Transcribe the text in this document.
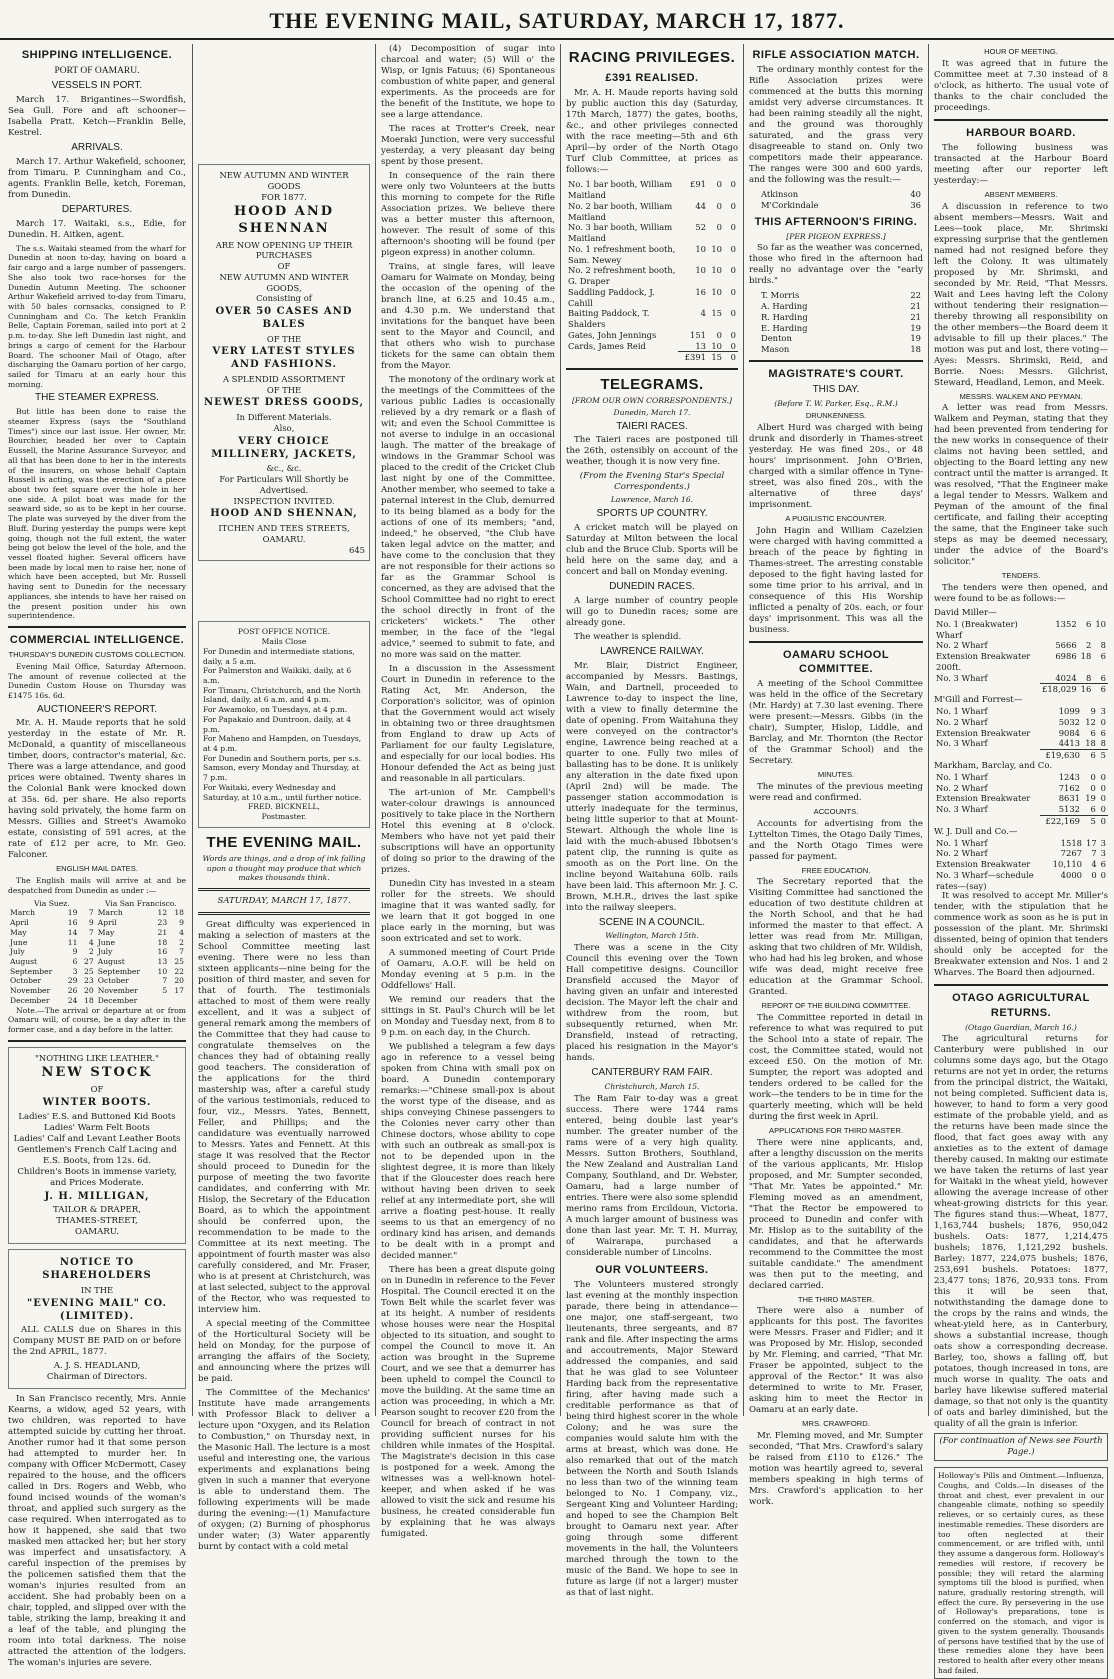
THE EVENING MAIL, SATURDAY, MARCH 17, 1877.
SHIPPING INTELLIGENCE.
PORT OF OAMARU.
VESSELS IN PORT.

March 17. Brigantines—Swordfish, Sea Gull. Fore and aft schooner—Isabella Pratt. Ketch—Franklin Belle, Kestrel.

ARRIVALS.

March 17. Arthur Wakefield, schooner, from Timaru. P. Cunningham and Co., agents. Franklin Belle, ketch, Foreman, from Dunedin.

DEPARTURES.

March 17. Waitaki, s.s., Edie, for Dunedin. H. Aitken, agent.

The s.s. Waitaki steamed from the wharf for Dunedin at noon to-day, having on board a fair cargo and a large number of passengers. She also took two race-horses for the Dunedin Autumn Meeting. The schooner Arthur Wakefield arrived to-day from Timaru, with 50 bales cornsacks, consigned to P. Cunningham and Co. The ketch Franklin Belle, Captain Foreman, sailed into port at 2 p.m. to-day. She left Dunedin last night, and brings a cargo of cement for the Harbour Board. The schooner Mail of Otago, after discharging the Oamaru portion of her cargo, sailed for Timaru at an early hour this morning.

THE STEAMER EXPRESS.

But little has been done to raise the steamer Express (says the "Southland Times") since our last issue. Her owner, Mr. Bourchier, headed her over to Captain Eussell, the Marine Assurance Surveyor, and all that has been done to her in the interests of the insurers, on whose behalf Captain Russell is acting, was the erection of a piece about two feet square over the hole in her one side. A pilot boat was made for the seaward side, so as to be kept in her course. The plate was surveyed by the diver from the Bluff. During yesterday the pumps were kept going, though not the full extent, the water being got below the level of the hole, and the vessel floated higher. Several officers have been made by local men to raise her, none of which have been accepted, but Mr. Russell having sent to Dunedin for the necessary appliances, she intends to have her raised on the present position under his own superintendence.

COMMERCIAL INTELLIGENCE.
THURSDAY'S DUNEDIN CUSTOMS COLLECTION.

Evening Mail Office, Saturday Afternoon. The amount of revenue collected at the Dunedin Custom House on Thursday was £1475 16s. 6d.

AUCTIONEER'S REPORT.

Mr. A. H. Maude reports that he sold yesterday in the estate of Mr. R. McDonald, a quantity of miscellaneous timber, doors, contractor's material, &c. There was a large attendance, and good prices were obtained. Twenty shares in the Colonial Bank were knocked down at 35s. 6d. per share. He also reports having sold privately, the home farm on Messrs. Gillies and Street's Awamoko estate, consisting of 591 acres, at the rate of £12 per acre, to Mr. Geo. Falconer.

ENGLISH MAIL DATES.

The English mails will arrive at and be despatched from Dunedin as under :—

Via Suez.			Via San Francisco.		
March	19	7	March	12	18
April	16	9	April	23	9
May	14	7	May	21	4
June	11	4	June	18	2
July	9	2	July	16	7
August	6	27	August	13	25
September	3	25	September	10	22
October	29	23	October	7	20
November	26	20	November	5	17
December	24	18	December		

Note.—The arrival or departure at or from Oamaru will, of course, be a day after in the former case, and a day before in the latter.

"NOTHING LIKE LEATHER."
NEW STOCK
OF
WINTER BOOTS.
Ladies' E.S. and Buttoned Kid Boots
Ladies' Warm Felt Boots
Ladies' Calf and Levant Leather Boots
Gentlemen's French Calf Lacing and E.S. Boots, from 12s. 6d.
Children's Boots in immense variety, and Prices Moderate.
J. H. MILLIGAN,
TAILOR & DRAPER,
THAMES-STREET,
OAMARU.
NOTICE TO SHAREHOLDERS
IN THE
"EVENING MAIL" CO. (LIMITED).

ALL CALLS due on Shares in this Company MUST BE PAID on or before the 2nd APRIL, 1877.

A. J. S. HEADLAND,
Chairman of Directors.

In San Francisco recently, Mrs. Annie Kearns, a widow, aged 52 years, with two children, was reported to have attempted suicide by cutting her throat. Another rumor had it that some person had attempted to murder her. In company with Officer McDermott, Casey repaired to the house, and the officers called in Drs. Rogers and Webb, who found incised wounds of the woman's throat, and applied such surgery as the case required. When interrogated as to how it happened, she said that two masked men attacked her; but her story was imperfect and unsatisfactory. A careful inspection of the premises by the policemen satisfied them that the woman's injuries resulted from an accident. She had probably been on a chair, toppled, and slipped over with the table, striking the lamp, breaking it and a leaf of the table, and plunging the room into total darkness. The noise attracted the attention of the lodgers. The woman's injuries are severe.

NEW AUTUMN AND WINTER GOODS
FOR 1877.
HOOD AND SHENNAN
ARE NOW OPENING UP THEIR PURCHASES
OF
NEW AUTUMN AND WINTER GOODS,
Consisting of
OVER 50 CASES AND BALES
OF THE
VERY LATEST STYLES AND FASHIONS.
A SPLENDID ASSORTMENT
OF THE
NEWEST DRESS GOODS,
In Different Materials.
Also,
VERY CHOICE MILLINERY, JACKETS,
&c., &c.
For Particulars Will Shortly be Advertised.
INSPECTION INVITED.
HOOD AND SHENNAN,
ITCHEN AND TEES STREETS,
OAMARU.
645
POST OFFICE NOTICE.
Mails Close
For Dunedin and intermediate stations, daily, a 5 a.m.
For Palmerston and Waikiki, daily, at 6 a.m.
For Timaru, Christchurch, and the North Island, daily, at 6 a.m. and 4 p.m.
For Awamoko, on Tuesdays, at 4 p.m.
For Papakaio and Duntroon, daily, at 4 p.m.
For Maheno and Hampden, on Tuesdays, at 4 p.m.
For Dunedin and Southern ports, per s.s. Samson, every Monday and Thursday, at 7 p.m.
For Waitaki, every Wednesday and Saturday, at 10 a.m., until further notice.
FRED. BICKNELL,
Postmaster.
THE EVENING MAIL.
Words are things, and a drop of ink falling upon a thought may produce that which makes thousands think.
SATURDAY, MARCH 17, 1877.

Great difficulty was experienced in making a selection of masters at the School Committee meeting last evening. There were no less than sixteen applicants—nine being for the position of third master, and seven for that of fourth. The testimonials attached to most of them were really excellent, and it was a subject of general remark among the members of the Committee that they had cause to congratulate themselves on the chances they had of obtaining really good teachers. The consideration of the applications for the third mastership was, after a careful study of the various testimonials, reduced to four, viz., Messrs. Yates, Bennett, Feller, and Phillips; and the candidature was eventually narrowed to Messrs. Yates and Fennett. At this stage it was resolved that the Rector should proceed to Dunedin for the purpose of meeting the two favorite candidates, and conferring with Mr. Hislop, the Secretary of the Education Board, as to which the appointment should be conferred upon, the recommendation to be made to the Committee at its next meeting. The appointment of fourth master was also carefully considered, and Mr. Fraser, who is at present at Christchurch, was at last selected, subject to the approval of the Rector, who was requested to interview him.

A special meeting of the Committee of the Horticultural Society will be held on Monday, for the purpose of arranging the affairs of the Society, and announcing where the prizes will be paid.

The Committee of the Mechanics' Institute have made arrangements with Professor Black to deliver a lecture upon "Oxygen, and its Relation to Combustion," on Thursday next, in the Masonic Hall. The lecture is a most useful and interesting one, the various experiments and explanations being given in such a manner that everyone is able to understand them. The following experiments will be made during the evening:—(1) Manufacture of oxygen; (2) Burning of phosphorus under water; (3) Water apparently burnt by contact with a cold metal

(4) Decomposition of sugar into charcoal and water; (5) Will o' the Wisp, or Ignis Fatuus; (6) Spontaneous combustion of white paper, and general experiments. As the proceeds are for the benefit of the Institute, we hope to see a large attendance.

The races at Trotter's Creek, near Moeraki Junction, were very successful yesterday, a very pleasant day being spent by those present.

In consequence of the rain there were only two Volunteers at the butts this morning to compete for the Rifle Association prizes. We believe there was a better muster this afternoon, however. The result of some of this afternoon's shooting will be found (per pigeon express) in another column.

Trains, at single fares, will leave Oamaru for Waimate on Monday, being the occasion of the opening of the branch line, at 6.25 and 10.45 a.m., and 4.30 p.m. We understand that invitations for the banquet have been sent to the Mayor and Council, and that others who wish to purchase tickets for the same can obtain them from the Mayor.

The monotony of the ordinary work at the meetings of the Committees of the various public Ladies is occasionally relieved by a dry remark or a flash of wit; and even the School Committee is not averse to indulge in an occasional laugh. The matter of the breakage of windows in the Grammar School was placed to the credit of the Cricket Club last night by one of the Committee. Another member, who seemed to take a paternal interest in the Club, demurred to its being blamed as a body for the actions of one of its members; "and, indeed," he observed, "the Club have taken legal advice on the matter, and have come to the conclusion that they are not responsible for their actions so far as the Grammar School is concerned, as they are advised that the School Committee had no right to erect the school directly in front of the cricketers' wickets." The other member, in the face of the "legal advice," seemed to submit to fate, and no more was said on the matter.

In a discussion in the Assessment Court in Dunedin in reference to the Rating Act, Mr. Anderson, the Corporation's solicitor, was of opinion that the Government would act wisely in obtaining two or three draughtsmen from England to draw up Acts of Parliament for our faulty Legislature, and especially for our local bodies. His Honour defended the Act as being just and reasonable in all particulars.

The art-union of Mr. Campbell's water-colour drawings is announced positively to take place in the Northern Hotel this evening at 8 o'clock. Members who have not yet paid their subscriptions will have an opportunity of doing so prior to the drawing of the prizes.

Dunedin City has invested in a steam roller for the streets. We should imagine that it was wanted sadly, for we learn that it got bogged in one place early in the morning, but was soon extricated and set to work.

A summoned meeting of Court Pride of Oamaru, A.O.F. will be held on Monday evening at 5 p.m. in the Oddfellows' Hall.

We remind our readers that the sittings in St. Paul's Church will be let on Monday and Tuesday next, from 8 to 9 p.m. on each day, in the Church.

We published a telegram a few days ago in reference to a vessel being spoken from China with small pox on board. A Dunedin contemporary remarks:—"Chinese small-pox is about the worst type of the disease, and as ships conveying Chinese passengers to the Colonies never carry other than Chinese doctors, whose ability to cope with such an outbreak as small-pox is not to be depended upon in the slightest degree, it is more than likely that if the Gloucester does reach here without having been driven to seek relief at any intermediate port, she will arrive a floating pest-house. It really seems to us that an emergency of no ordinary kind has arisen, and demands to be dealt with in a prompt and decided manner."

There has been a great dispute going on in Dunedin in reference to the Fever Hospital. The Council erected it on the Town Belt while the scarlet fever was at its height. A number of residents whose houses were near the Hospital objected to its situation, and sought to compel the Council to move it. An action was brought in the Supreme Court, and we see that a demurrer has been upheld to compel the Council to move the building. At the same time an action was proceeding, in which a Mr. Pearson sought to recover £20 from the Council for breach of contract in not providing sufficient nurses for his children while inmates of the Hospital. The Magistrate's decision in this case is postponed for a week. Among the witnesses was a well-known hotel-keeper, and when asked if he was allowed to visit the sick and resume his business, he created considerable fun by explaining that he was always fumigated.

RACING PRIVILEGES.
£391 REALISED.

Mr. A. H. Maude reports having sold by public auction this day (Saturday, 17th March, 1877) the gates, booths, &c., and other privileges connected with the race meeting—5th and 6th April—by order of the North Otago Turf Club Committee, at prices as follows:—

No. 1 bar booth, William Maitland	£91	0	0
No. 2 bar booth, William Maitland	44	0	0
No. 3 bar booth, William Maitland	52	0	0
No. 1 refreshment booth, Sam. Newey	10	10	0
No. 2 refreshment booth, G. Draper	10	10	0
Saddling Paddock, J. Cahill	16	10	0
Baiting Paddock, T. Shalders	4	15	0
Gates, John Jennings	151	0	0
Cards, James Reid	13	10	0
	£391	15	0
TELEGRAMS.
[FROM OUR OWN CORRESPONDENTS.]
Dunedin, March 17.
TAIERI RACES.

The Taieri races are postponed till the 26th, ostensibly on account of the weather, though it is now very fine.

(From the Evening Star's Special Correspondents.)
Lawrence, March 16.
SPORTS UP COUNTRY.

A cricket match will be played on Saturday at Milton between the local club and the Bruce Club. Sports will be held here on the same day, and a concert and ball on Monday evening.

DUNEDIN RACES.

A large number of country people will go to Dunedin races; some are already gone.

The weather is splendid.

LAWRENCE RAILWAY.

Mr. Blair, District Engineer, accompanied by Messrs. Bastings, Wain, and Dartnell, proceeded to Lawrence to-day to inspect the line, with a view to finally determine the date of opening. From Waitahuna they were conveyed on the contractor's engine, Lawrence being reached at a quarter to one. Fully two miles of ballasting has to be done. It is unlikely any alteration in the date fixed upon (April 2nd) will be made. The passenger station accommodation is utterly inadequate for the terminus, being little superior to that at Mount-Stewart. Although the whole line is laid with the much-abused Ibbotsen's patent clip, the running is quite as smooth as on the Port line. On the incline beyond Waitahuna 60lb. rails have been laid. This afternoon Mr. J. C. Brown, M.H.R., drives the last spike into the railway sleepers.

SCENE IN A COUNCIL.
Wellington, March 15th.

There was a scene in the City Council this evening over the Town Hall competitive designs. Councillor Dransfield accused the Mayor of having given an unfair and interested decision. The Mayor left the chair and withdrew from the room, but subsequently returned, when Mr. Dransfield, instead of retracting, placed his resignation in the Mayor's hands.

CANTERBURY RAM FAIR.
Christchurch, March 15.

The Ram Fair to-day was a great success. There were 1744 rams entered, being double last year's number. The greater number of the rams were of a very high quality. Messrs. Sutton Brothers, Southland, the New Zealand and Australian Land Company, Southland, and Dr. Webster, Oamaru, had a large number of entries. There were also some splendid merino rams from Ercildoun, Victoria. A much larger amount of business was done than last year. Mr. T. H. Murray, of Wairarapa, purchased a considerable number of Lincolns.

OUR VOLUNTEERS.

The Volunteers mustered strongly last evening at the monthly inspection parade, there being in attendance—one major, one staff-sergeant, two lieutenants, three sergeants, and 87 rank and file. After inspecting the arms and accoutrements, Major Steward addressed the companies, and said that he was glad to see Volunteer Harding back from the representative firing, after having made such a creditable performance as that of being third highest scorer in the whole Colony; and he was sure the companies would salute him with the arms at breast, which was done. He also remarked that out of the match between the North and South Islands no less than two of the winning team belonged to No. 1 Company, viz., Sergeant King and Volunteer Harding; and hoped to see the Champion Belt brought to Oamaru next year. After going through some different movements in the hall, the Volunteers marched through the town to the music of the Band. We hope to see in future as large (if not a larger) muster as that of last night.

RIFLE ASSOCIATION MATCH.

The ordinary monthly contest for the Rifle Association prizes were commenced at the butts this morning amidst very adverse circumstances. It had been raining steadily all the night, and the ground was thoroughly saturated, and the grass very disagreeable to stand on. Only two competitors made their appearance. The ranges were 300 and 600 yards, and the following was the result:—

Atkinson	40
M'Corkindale	36
THIS AFTERNOON'S FIRING.
[PER PIGEON EXPRESS.]

So far as the weather was concerned, those who fired in the afternoon had really no advantage over the "early birds."

T. Morris	22
A. Harding	21
R. Harding	21
E. Harding	19
Denton	19
Mason	18
MAGISTRATE'S COURT.
THIS DAY.
(Before T. W. Parker, Esq., R.M.)
DRUNKENNESS.

Albert Hurd was charged with being drunk and disorderly in Thames-street yesterday. He was fined 20s., or 48 hours' imprisonment. John O'Brien, charged with a similar offence in Tyne-street, was also fined 20s., with the alternative of three days' imprisonment.

A PUGILISTIC ENCOUNTER.

John Hagin and William Cazelzien were charged with having committed a breach of the peace by fighting in Thames-street. The arresting constable deposed to the fight having lasted for some time prior to his arrival, and in consequence of this His Worship inflicted a penalty of 20s. each, or four days' imprisonment. This was all the business.

OAMARU SCHOOL COMMITTEE.

A meeting of the School Committee was held in the office of the Secretary (Mr. Hardy) at 7.30 last evening. There were present:—Messrs. Gibbs (in the chair), Sumpter, Hislop, Liddle, and Barclay, and Mr. Thornton (the Rector of the Grammar School) and the Secretary.

MINUTES.

The minutes of the previous meeting were read and confirmed.

ACCOUNTS.

Accounts for advertising from the Lyttelton Times, the Otago Daily Times, and the North Otago Times were passed for payment.

FREE EDUCATION.

The Secretary reported that the Visiting Committee had sanctioned the education of two destitute children at the North School, and that he had informed the master to that effect. A letter was read from Mr. Milligan, asking that two children of Mr. Wildish, who had had his leg broken, and whose wife was dead, might receive free education at the Grammar School. Granted.

REPORT OF THE BUILDING COMMITTEE.

The Committee reported in detail in reference to what was required to put the School into a state of repair. The cost, the Committee stated, would not exceed £50. On the motion of Mr. Sumpter, the report was adopted and tenders ordered to be called for the work—the tenders to be in time for the quarterly meeting, which will be held during the first week in April.

APPLICATIONS FOR THIRD MASTER.

There were nine applicants, and, after a lengthy discussion on the merits of the various applicants, Mr. Hislop proposed, and Mr. Sumpter seconded, "That Mr. Yates be appointed." Mr. Fleming moved as an amendment, "That the Rector be empowered to proceed to Dunedin and confer with Mr. Hislop as to the suitability of the candidates, and that he afterwards recommend to the Committee the most suitable candidate." The amendment was then put to the meeting, and declared carried.

THE THIRD MASTER.

There were also a number of applicants for this post. The favorites were Messrs. Fraser and Fidler; and it was Proposed by Mr. Hislop, seconded by Mr. Fleming, and carried, "That Mr. Fraser be appointed, subject to the approval of the Rector." It was also determined to write to Mr. Fraser, asking him to meet the Rector in Oamaru at an early date.

MRS. CRAWFORD.

Mr. Fleming moved, and Mr. Sumpter seconded, "That Mrs. Crawford's salary be raised from £110 to £126." The motion was heartily agreed to, several members speaking in high terms of Mrs. Crawford's application to her work.

HOUR OF MEETING.

It was agreed that in future the Committee meet at 7.30 instead of 8 o'clock, as hitherto. The usual vote of thanks to the chair concluded the proceedings.

HARBOUR BOARD.

The following business was transacted at the Harbour Board meeting after our reporter left yesterday:—

ABSENT MEMBERS.

A discussion in reference to two absent members—Messrs. Wait and Lees—took place, Mr. Shrimski expressing surprise that the gentlemen named had not resigned before they left the Colony. It was ultimately proposed by Mr. Shrimski, and seconded by Mr. Reid, "That Messrs. Wait and Lees having left the Colony without tendering their resignation—thereby throwing all responsibility on the other members—the Board deem it advisable to fill up their places." The motion was put and lost, there voting—Ayes: Messrs. Shrimski, Reid, and Borrie. Noes: Messrs. Gilchrist, Steward, Headland, Lemon, and Meek.

MESSRS. WALKEM AND PEYMAN.

A letter was read from Messrs. Walkem and Peyman, stating that they had been prevented from tendering for the new works in consequence of their claims not having been settled, and objecting to the Board letting any new contract until the matter is arranged. It was resolved, "That the Engineer make a legal tender to Messrs. Walkem and Peyman of the amount of the final certificate, and failing their accepting the same, that the Engineer take such steps as may be deemed necessary, under the advice of the Board's solicitor."

TENDERS.

The tenders were then opened, and were found to be as follows:—

David Miller—
No. 1 (Breakwater) Wharf	1352	6	10
No. 2 Wharf	5666	2	8
Extension Breakwater 200ft.	6986	18	6
No. 3 Wharf	4024	8	6
	£18,029	16	6
M'Gill and Forrest—
No. 1 Wharf	1099	9	3
No. 2 Wharf	5032	12	0
Extension Breakwater	9084	6	6
No. 3 Wharf	4413	18	8
	£19,630	6	5
Markham, Barclay, and Co.
No. 1 Wharf	1243	0	0
No. 2 Wharf	7162	0	0
Extension Breakwater	8631	19	0
No. 3 Wharf	5132	6	0
	£22,169	5	0
W. J. Dull and Co.—
No. 1 Wharf	1518	17	3
No. 2 Wharf	7267	7	3
Extension Breakwater	10,110	4	6
No. 3 Wharf—schedule rates—(say)	4000	0	0

It was resolved to accept Mr. Miller's tender, with the stipulation that he commence work as soon as he is put in possession of the plant. Mr. Shrimski dissented, being of opinion that tenders should only be accepted for the Breakwater extension and Nos. 1 and 2 Wharves. The Board then adjourned.

OTAGO AGRICULTURAL RETURNS.
(Otago Guardian, March 16.)

The agricultural returns for Canterbury were published in our columns some days ago, but the Otago returns are not yet in order, the returns from the principal district, the Waitaki, not being completed. Sufficient data is, however, to hand to form a very good estimate of the probable yield, and as the returns have been made since the flood, that fact goes away with any anxieties as to the extent of damage thereby caused. In making our estimate we have taken the returns of last year for Waitaki in the wheat yield, however allowing the average increase of other wheat-growing districts for this year. The figures stand thus:—Wheat, 1877, 1,163,744 bushels; 1876, 950,042 bushels. Oats: 1877, 1,214,475 bushels; 1876, 1,121,292 bushels. Barley: 1877, 224,075 bushels; 1876, 253,691 bushels. Potatoes: 1877, 23,477 tons; 1876, 20,933 tons. From this it will be seen that, notwithstanding the damage done to the crops by the rains and winds, the wheat-yield here, as in Canterbury, shows a substantial increase, though oats show a corresponding decrease. Barley, too, shows a falling off, but potatoes, though increased in tons, are much worse in quality. The oats and barley have likewise suffered material damage, so that not only is the quantity of oats and barley diminished, but the quality of all the grain is inferior.

(For continuation of News see Fourth Page.)
Holloway's Pills and Ointment.—Influenza, Coughs, and Colds.—In diseases of the throat and chest, ever prevalent in our changeable climate, nothing so speedily relieves, or so certainly cures, as these inestimable remedies. These disorders are too often neglected at their commencement, or are trifled with, until they assume a dangerous form. Holloway's remedies will restore, if recovery be possible; they will retard the alarming symptoms till the blood is purified, when nature, gradually restoring strength, will effect the cure. By persevering in the use of Holloway's preparations, tone is conferred on the stomach, and vigor is given to the system generally. Thousands of persons have testified that by the use of these remedies alone they have been restored to health after every other means had failed.
